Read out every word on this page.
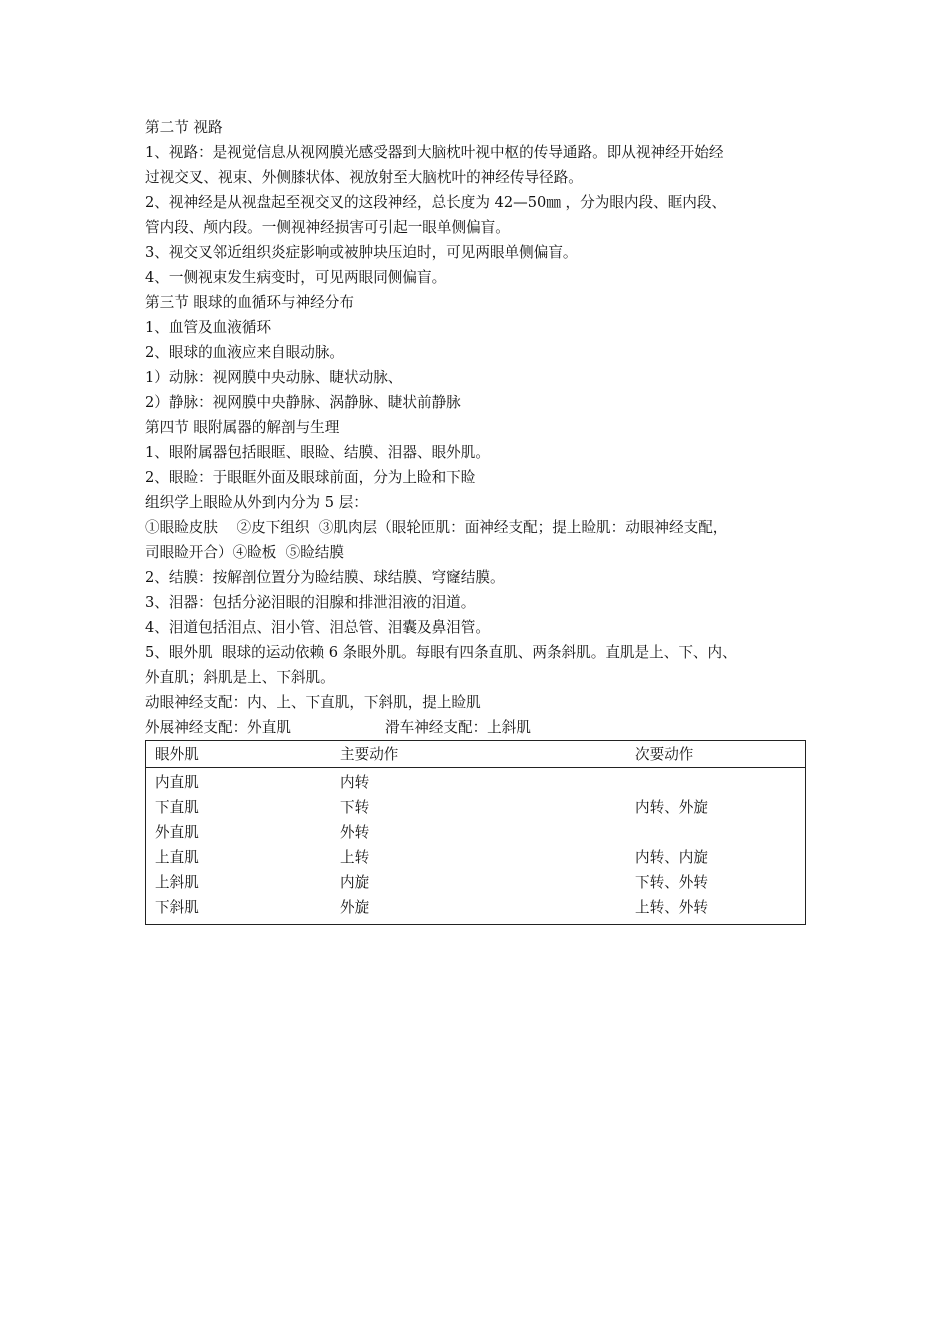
第二节 视路

1、视路：是视觉信息从视网膜光感受器到大脑枕叶视中枢的传导通路。即从视神经开始经

过视交叉、视束、外侧膝状体、视放射至大脑枕叶的神经传导径路。

2、视神经是从视盘起至视交叉的这段神经，总长度为 42—50㎜ ，分为眼内段、眶内段、

管内段、颅内段。一侧视神经损害可引起一眼单侧偏盲。

3、视交叉邻近组织炎症影响或被肿块压迫时，可见两眼单侧偏盲。

4、一侧视束发生病变时，可见两眼同侧偏盲。

第三节 眼球的血循环与神经分布

1、血管及血液循环

2、眼球的血液应来自眼动脉。

1）动脉：视网膜中央动脉、睫状动脉、

2）静脉：视网膜中央静脉、涡静脉、睫状前静脉

第四节 眼附属器的解剖与生理

1、眼附属器包括眼眶、眼睑、结膜、泪器、眼外肌。

2、眼睑：于眼眶外面及眼球前面，分为上睑和下睑

组织学上眼睑从外到内分为 5 层：

①眼睑皮肤    ②皮下组织  ③肌肉层（眼轮匝肌：面神经支配；提上睑肌：动眼神经支配，

司眼睑开合）④睑板  ⑤睑结膜

2、结膜：按解剖位置分为睑结膜、球结膜、穹窿结膜。

3、泪器：包括分泌泪眼的泪腺和排泄泪液的泪道。

4、泪道包括泪点、泪小管、泪总管、泪囊及鼻泪管。

5、眼外肌  眼球的运动依赖 6 条眼外肌。每眼有四条直肌、两条斜肌。直肌是上、下、内、

外直肌；斜肌是上、下斜肌。

动眼神经支配：内、上、下直肌，下斜肌，提上睑肌

外展神经支配：外直肌	滑车神经支配：上斜肌
眼外肌	主要动作	次要动作
内直肌	内转	
下直肌	下转	内转、外旋
外直肌	外转	
上直肌	上转	内转、内旋
上斜肌	内旋	下转、外转
下斜肌	外旋	上转、外转
